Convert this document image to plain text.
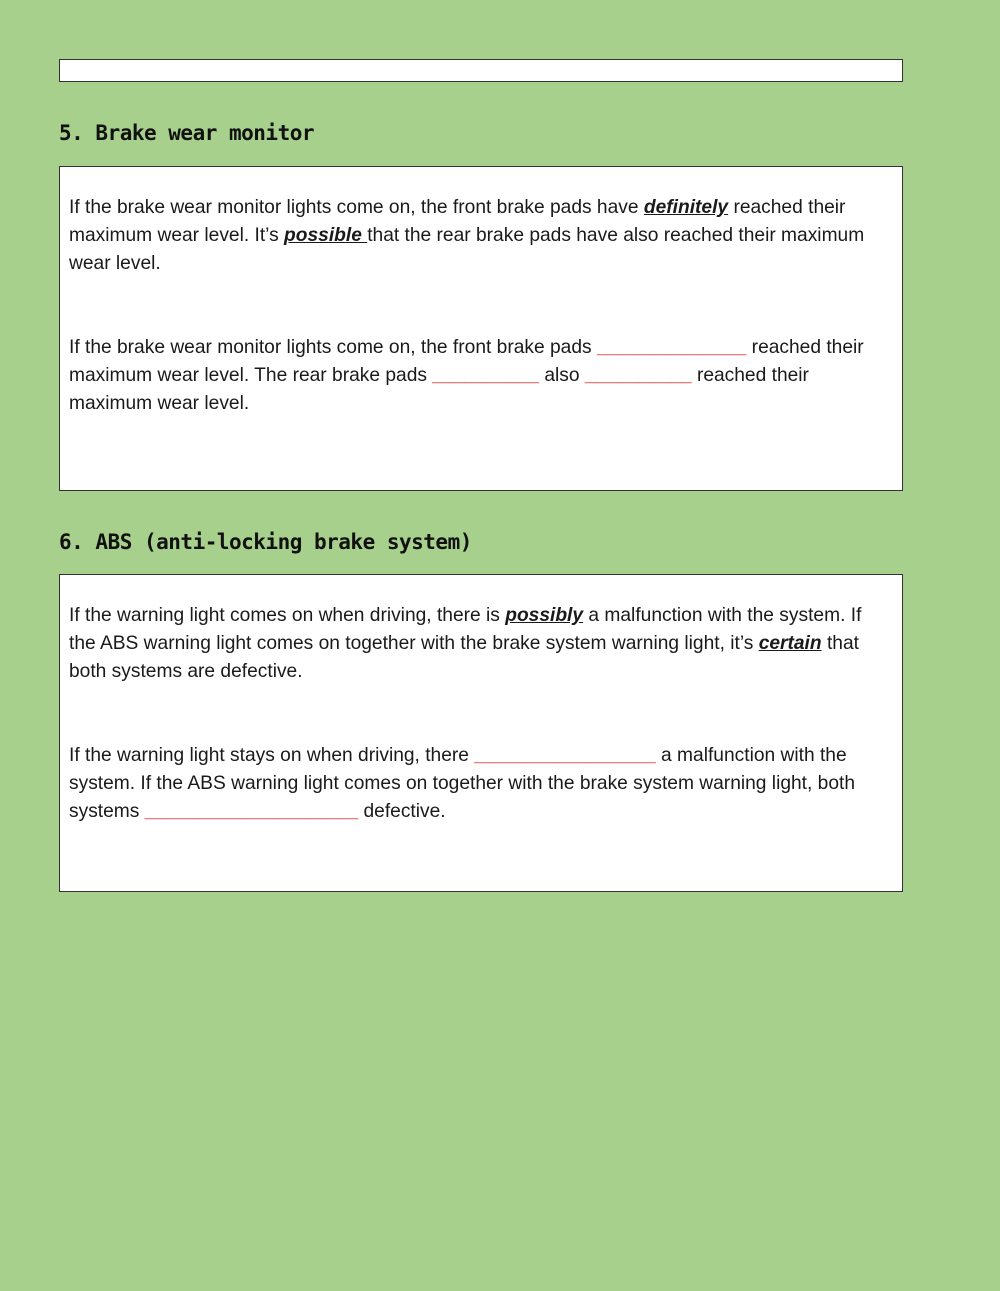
5. Brake wear monitor

If the brake wear monitor lights come on, the front brake pads have definitely reached their maximum wear level. It’s possible that the rear brake pads have also reached their maximum wear level.

If the brake wear monitor lights come on, the front brake pads ______________ reached their maximum wear level. The rear brake pads __________ also __________ reached their maximum wear level.

6. ABS (anti-locking brake system)

If the warning light comes on when driving, there is possibly a malfunction with the system. If the ABS warning light comes on together with the brake system warning light, it’s certain that both systems are defective.

If the warning light stays on when driving, there _________________ a malfunction with the system. If the ABS warning light comes on together with the brake system warning light, both systems ____________________ defective.
